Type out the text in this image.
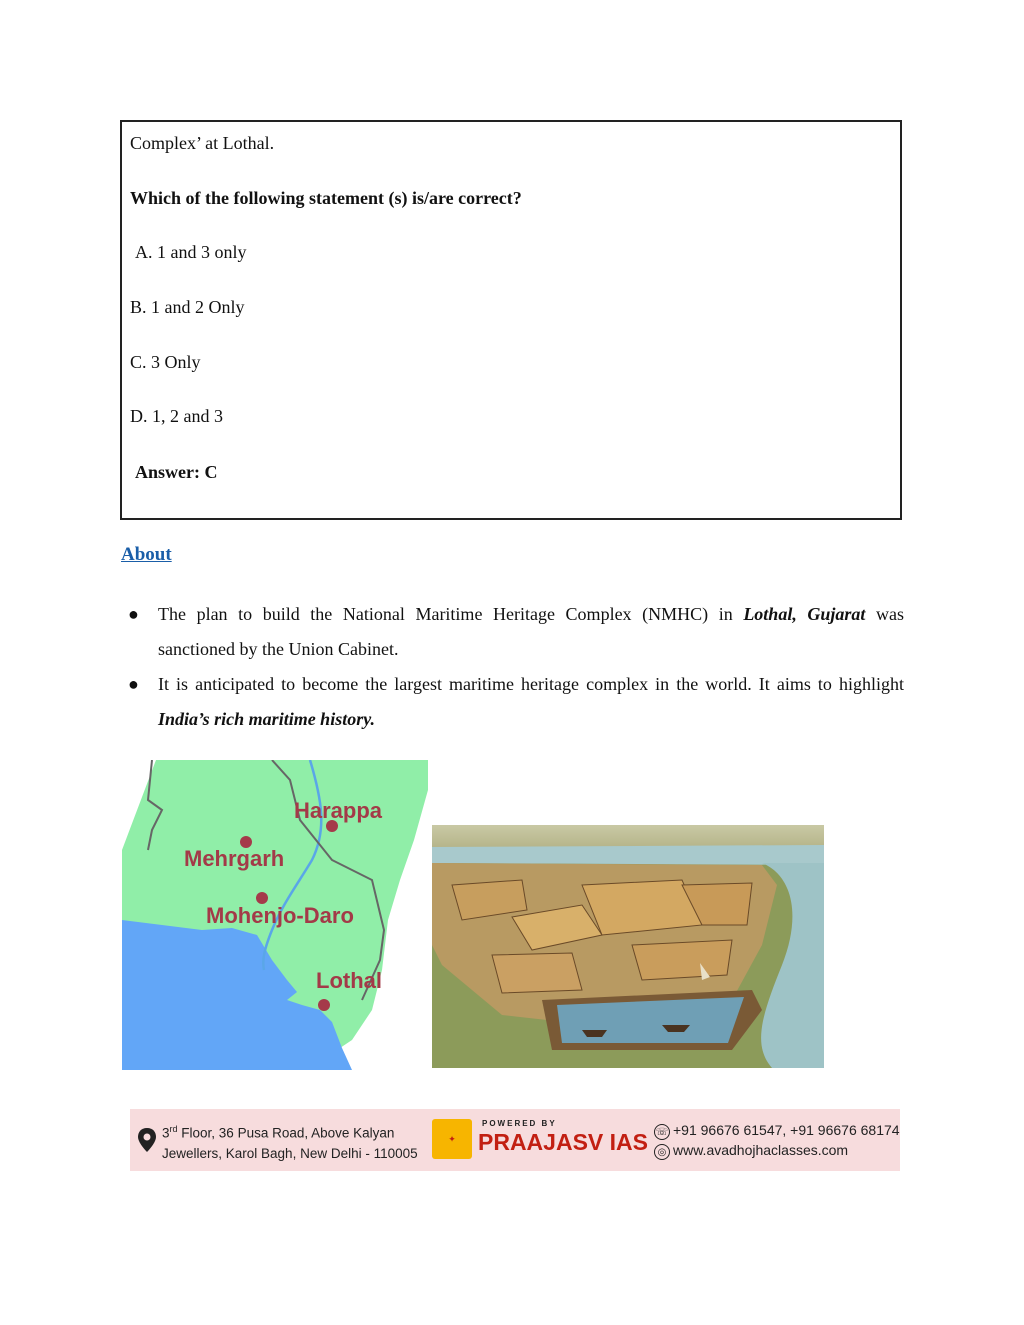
Complex’ at Lothal.
Which of the following statement (s) is/are correct?
A. 1 and 3 only
B. 1 and 2 Only
C. 3 Only
D. 1, 2 and 3
Answer: C
About
● The plan to build the National Maritime Heritage Complex (NMHC) in Lothal, Gujarat was sanctioned by the Union Cabinet.
● It is anticipated to become the largest maritime heritage complex in the world. It aims to highlight India’s rich maritime history.
Harappa
Mehrgarh
Mohenjo-Daro
Lothal
3rd Floor, 36 Pusa Road, Above Kalyan
Jewellers, Karol Bagh, New Delhi - 110005
✦
POWERED BY
PRAAJASV IAS ☏ +91 96676 61547, +91 96676 68174
◎ www.avadhojhaclasses.com
